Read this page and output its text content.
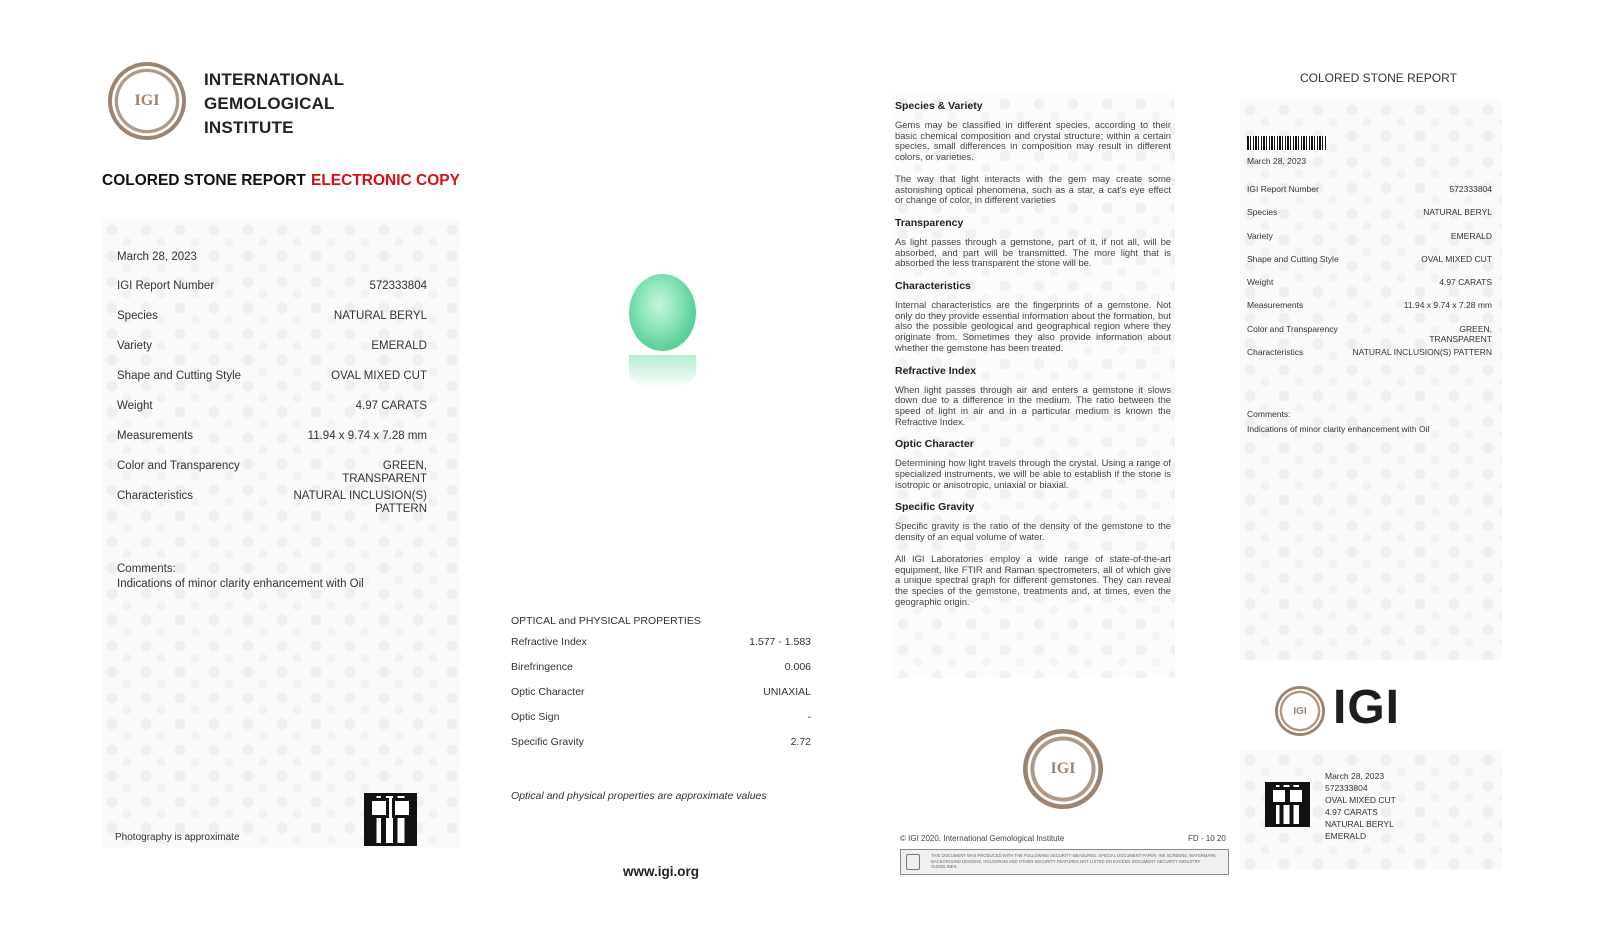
IGI
INTERNATIONAL
GEMOLOGICAL
INSTITUTE
COLORED STONE REPORT ELECTRONIC COPY
March 28, 2023
IGI Report Number	572333804
Species	NATURAL BERYL
Variety	EMERALD
Shape and Cutting Style	OVAL MIXED CUT
Weight	4.97 CARATS
Measurements	11.94 x 9.74 x 7.28 mm
Color and Transparency	GREEN,
TRANSPARENT
Characteristics	NATURAL INCLUSION(S)
PATTERN
Comments:
Indications of minor clarity enhancement with Oil
Photography is approximate
OPTICAL and PHYSICAL PROPERTIES
Refractive Index	1.577 - 1.583
Birefringence	0.006
Optic Character	UNIAXIAL
Optic Sign	-
Specific Gravity	2.72
Optical and physical properties are approximate values
www.igi.org
Species & Variety

Gems may be classified in different species, according to their basic chemical composition and crystal structure; within a certain species, small differences in composition may result in different colors, or varieties.

The way that light interacts with the gem may create some astonishing optical phenomena, such as a star, a cat's eye effect or change of color, in different varieties

Transparency

As light passes through a gemstone, part of it, if not all, will be absorbed, and part will be transmitted. The more light that is absorbed the less transparent the stone will be.

Characteristics

Internal characteristics are the fingerprints of a gemstone. Not only do they provide essential information about the formation, but also the possible geological and geographical region where they originate from. Sometimes they also provide information about whether the gemstone has been treated.

Refractive Index

When light passes through air and enters a gemstone it slows down due to a difference in the medium. The ratio between the speed of light in air and in a particular medium is known the Refractive Index.

Optic Character

Determining how light travels through the crystal. Using a range of specialized instruments, we will be able to establish if the stone is isotropic or anisotropic, uniaxial or biaxial.

Specific Gravity

Specific gravity is the ratio of the density of the gemstone to the density of an equal volume of water.

All IGI Laboratories employ a wide range of state-of-the-art equipment, like FTIR and Raman spectrometers, all of which give a unique spectral graph for different gemstones. They can reveal the species of the gemstone, treatments and, at times, even the geographic origin.

IGI
© IGI 2020, International Gemological Institute	FD - 10 20
THIS DOCUMENT WAS PRODUCED WITH THE FOLLOWING SECURITY MEASURES: SPECIAL DOCUMENT PAPER, INK SCREENS, WATERMARK BACKGROUND DESIGNS, HOLOGRAM AND OTHER SECURITY FEATURES NOT LISTED DO EXCEED DOCUMENT SECURITY INDUSTRY GUIDELINES.
COLORED STONE REPORT
March 28, 2023
IGI Report Number	572333804
Species	NATURAL BERYL
Variety	EMERALD
Shape and Cutting Style	OVAL MIXED CUT
Weight	4.97 CARATS
Measurements	11.94 x 9.74 x 7.28 mm
Color and Transparency	GREEN,
TRANSPARENT
Characteristics	NATURAL INCLUSION(S) PATTERN
Comments:
Indications of minor clarity enhancement with Oil
IGI IGI
March 28, 2023
572333804
OVAL MIXED CUT
4.97 CARATS
NATURAL BERYL
EMERALD
